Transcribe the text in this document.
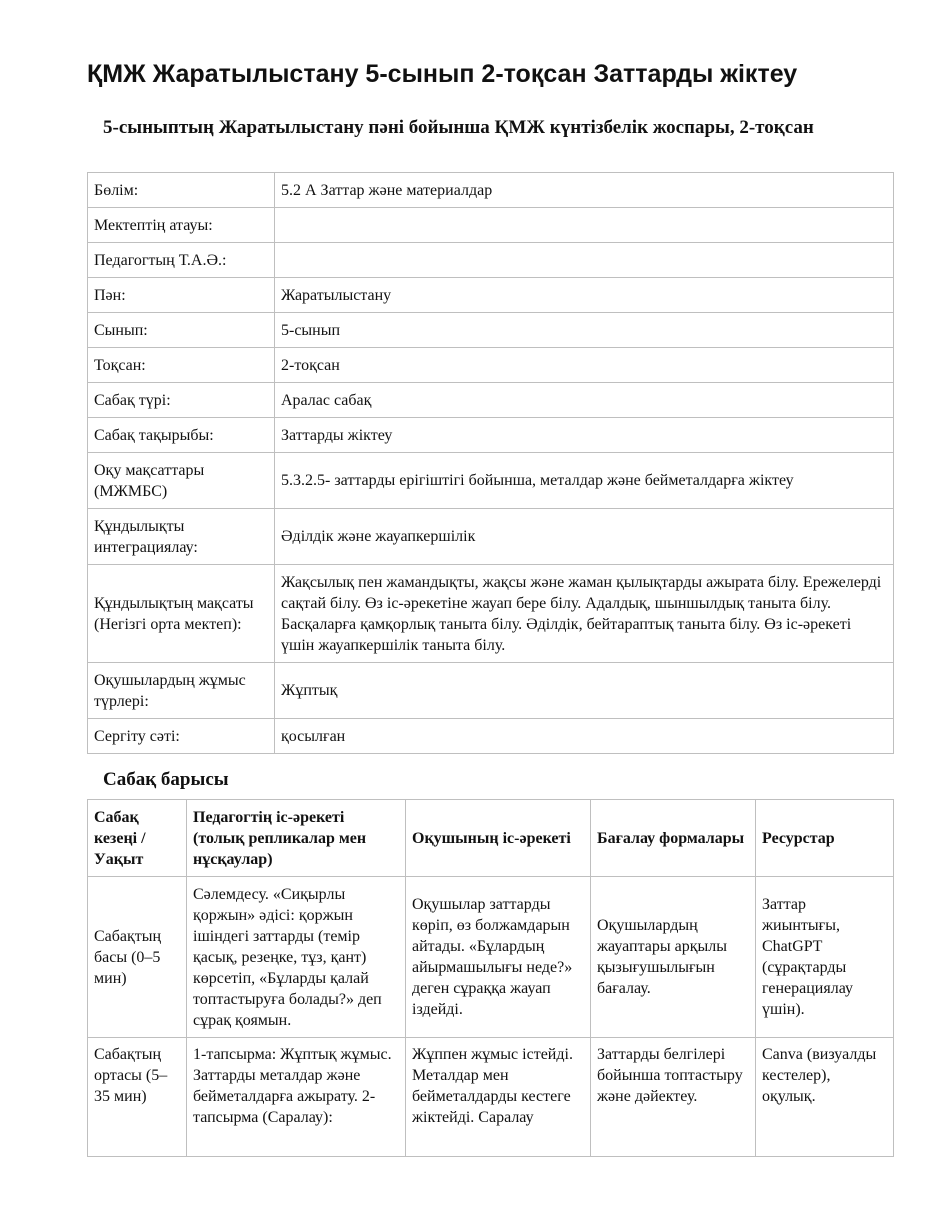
ҚМЖ Жаратылыстану 5-сынып 2-тоқсан Заттарды жіктеу
5-сыныптың Жаратылыстану пәні бойынша ҚМЖ күнтізбелік жоспары, 2-тоқсан
Бөлім:	5.2 А Заттар және материалдар
Мектептің атауы:	
Педагогтың Т.А.Ә.:	
Пән:	Жаратылыстану
Сынып:	5-сынып
Тоқсан:	2-тоқсан
Сабақ түрі:	Аралас сабақ
Сабақ тақырыбы:	Заттарды жіктеу
Оқу мақсаттары (МЖМБС)	5.3.2.5- заттарды ерігіштігі бойынша, металдар және бейметалдарға жіктеу
Құндылықты интеграциялау:	Әділдік және жауапкершілік
Құндылықтың мақсаты (Негізгі орта мектеп):	Жақсылық пен жамандықты, жақсы және жаман қылықтарды ажырата білу. Ережелерді сақтай білу. Өз іс-әрекетіне жауап бере білу. Адалдық, шыншылдық таныта білу. Басқаларға қамқорлық таныта білу. Әділдік, бейтараптық таныта білу. Өз іс-әрекеті үшін жауапкершілік таныта білу.
Оқушылардың жұмыс түрлері:	Жұптық
Сергіту сәті:	қосылған
Сабақ барысы
Сабақ кезеңі / Уақыт	Педагогтің іс-әрекеті (толық репликалар мен нұсқаулар)	Оқушының іс-әрекеті	Бағалау формалары	Ресурстар
Сабақтың басы (0–5 мин)	Сәлемдесу. «Сиқырлы қоржын» әдісі: қоржын ішіндегі заттарды (темір қасық, резеңке, тұз, қант) көрсетіп, «Бұларды қалай топтастыруға болады?» деп сұрақ қоямын.	Оқушылар заттарды көріп, өз болжамдарын айтады. «Бұлардың айырмашылығы неде?» деген сұраққа жауап іздейді.	Оқушылардың жауаптары арқылы қызығушылығын бағалау.	Заттар жиынтығы, ChatGPT (сұрақтарды генерациялау үшін).
Сабақтың ортасы (5–35 мин)	1-тапсырма: Жұптық жұмыс. Заттарды металдар және бейметалдарға ажырату. 2-тапсырма (Саралау):	Жұппен жұмыс істейді. Металдар мен бейметалдарды кестеге жіктейді. Саралау	Заттарды белгілері бойынша топтастыру және дәйектеу.	Canva (визуалды кестелер), оқулық.
